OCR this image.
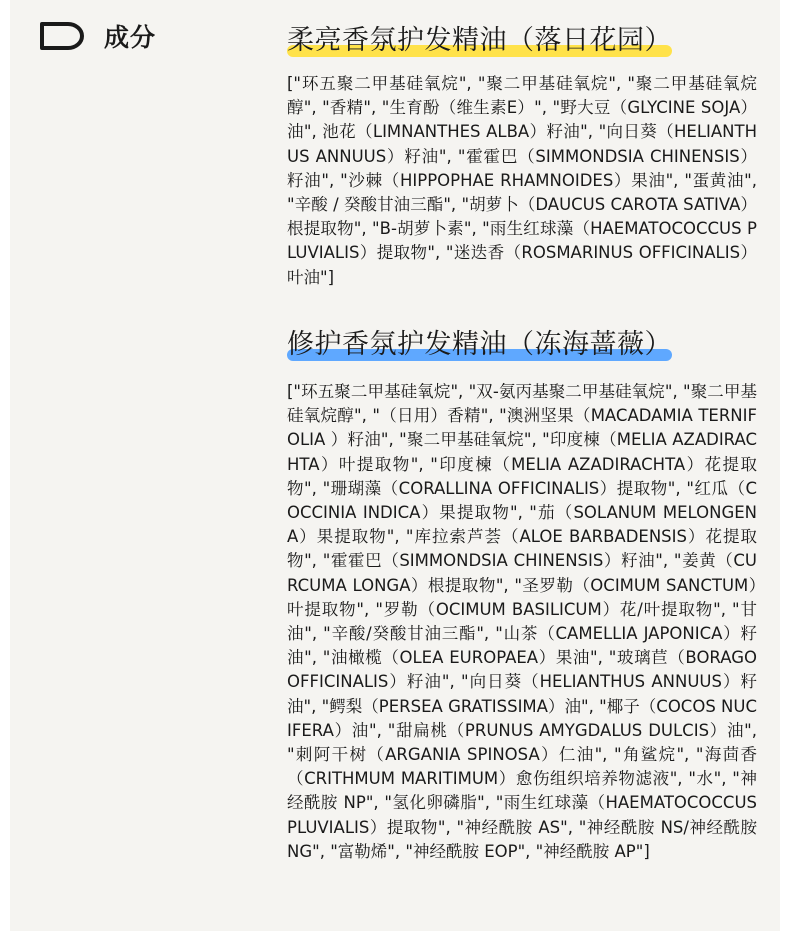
成分	柔亮香氛护发精油（落日花园）
["环五聚二甲基硅氧烷", "聚二甲基硅氧烷", "聚二甲基硅氧烷醇", "香精", "生育酚（维生素E）", "野大豆（GLYCINE SOJA）油", 池花（LIMNANTHES ALBA）籽油", "向日葵（HELIANTHUS ANNUUS）籽油", "霍霍巴（SIMMONDSIA CHINENSIS）籽油", "沙棘（HIPPOPHAE RHAMNOIDES）果油", "蛋黄油", "辛酸 / 癸酸甘油三酯", "胡萝卜（DAUCUS CAROTA SATIVA）根提取物", "B-胡萝卜素", "雨生红球藻（HAEMATOCOCCUS PLUVIALIS）提取物", "迷迭香（ROSMARINUS OFFICINALIS）叶油"]
修护香氛护发精油（冻海蔷薇）
["环五聚二甲基硅氧烷", "双-氨丙基聚二甲基硅氧烷", "聚二甲基硅氧烷醇", "（日用）香精", "澳洲坚果（MACADAMIA TERNIFOLIA ）籽油", "聚二甲基硅氧烷", "印度楝（MELIA AZADIRACHTA）叶提取物", "印度楝（MELIA AZADIRACHTA）花提取物", "珊瑚藻（CORALLINA OFFICINALIS）提取物", "红瓜（COCCINIA INDICA）果提取物", "茄（SOLANUM MELONGENA）果提取物", "库拉索芦荟（ALOE BARBADENSIS）花提取物", "霍霍巴（SIMMONDSIA CHINENSIS）籽油", "姜黄（CURCUMA LONGA）根提取物", "圣罗勒（OCIMUM SANCTUM）叶提取物", "罗勒（OCIMUM BASILICUM）花/叶提取物", "甘油", "辛酸/癸酸甘油三酯", "山茶（CAMELLIA JAPONICA）籽油", "油橄榄（OLEA EUROPAEA）果油", "玻璃苣（BORAGO OFFICINALIS）籽油", "向日葵（HELIANTHUS ANNUUS）籽油", "鳄梨（PERSEA GRATISSIMA）油", "椰子（COCOS NUCIFERA）油", "甜扁桃（PRUNUS AMYGDALUS DULCIS）油", "刺阿干树（ARGANIA SPINOSA）仁油", "角鲨烷", "海茴香（CRITHMUM MARITIMUM）愈伤组织培养物滤液", "水", "神经酰胺 NP", "氢化卵磷脂", "雨生红球藻（HAEMATOCOCCUS PLUVIALIS）提取物", "神经酰胺 AS", "神经酰胺 NS/神经酰胺 NG", "富勒烯", "神经酰胺 EOP", "神经酰胺 AP"]
